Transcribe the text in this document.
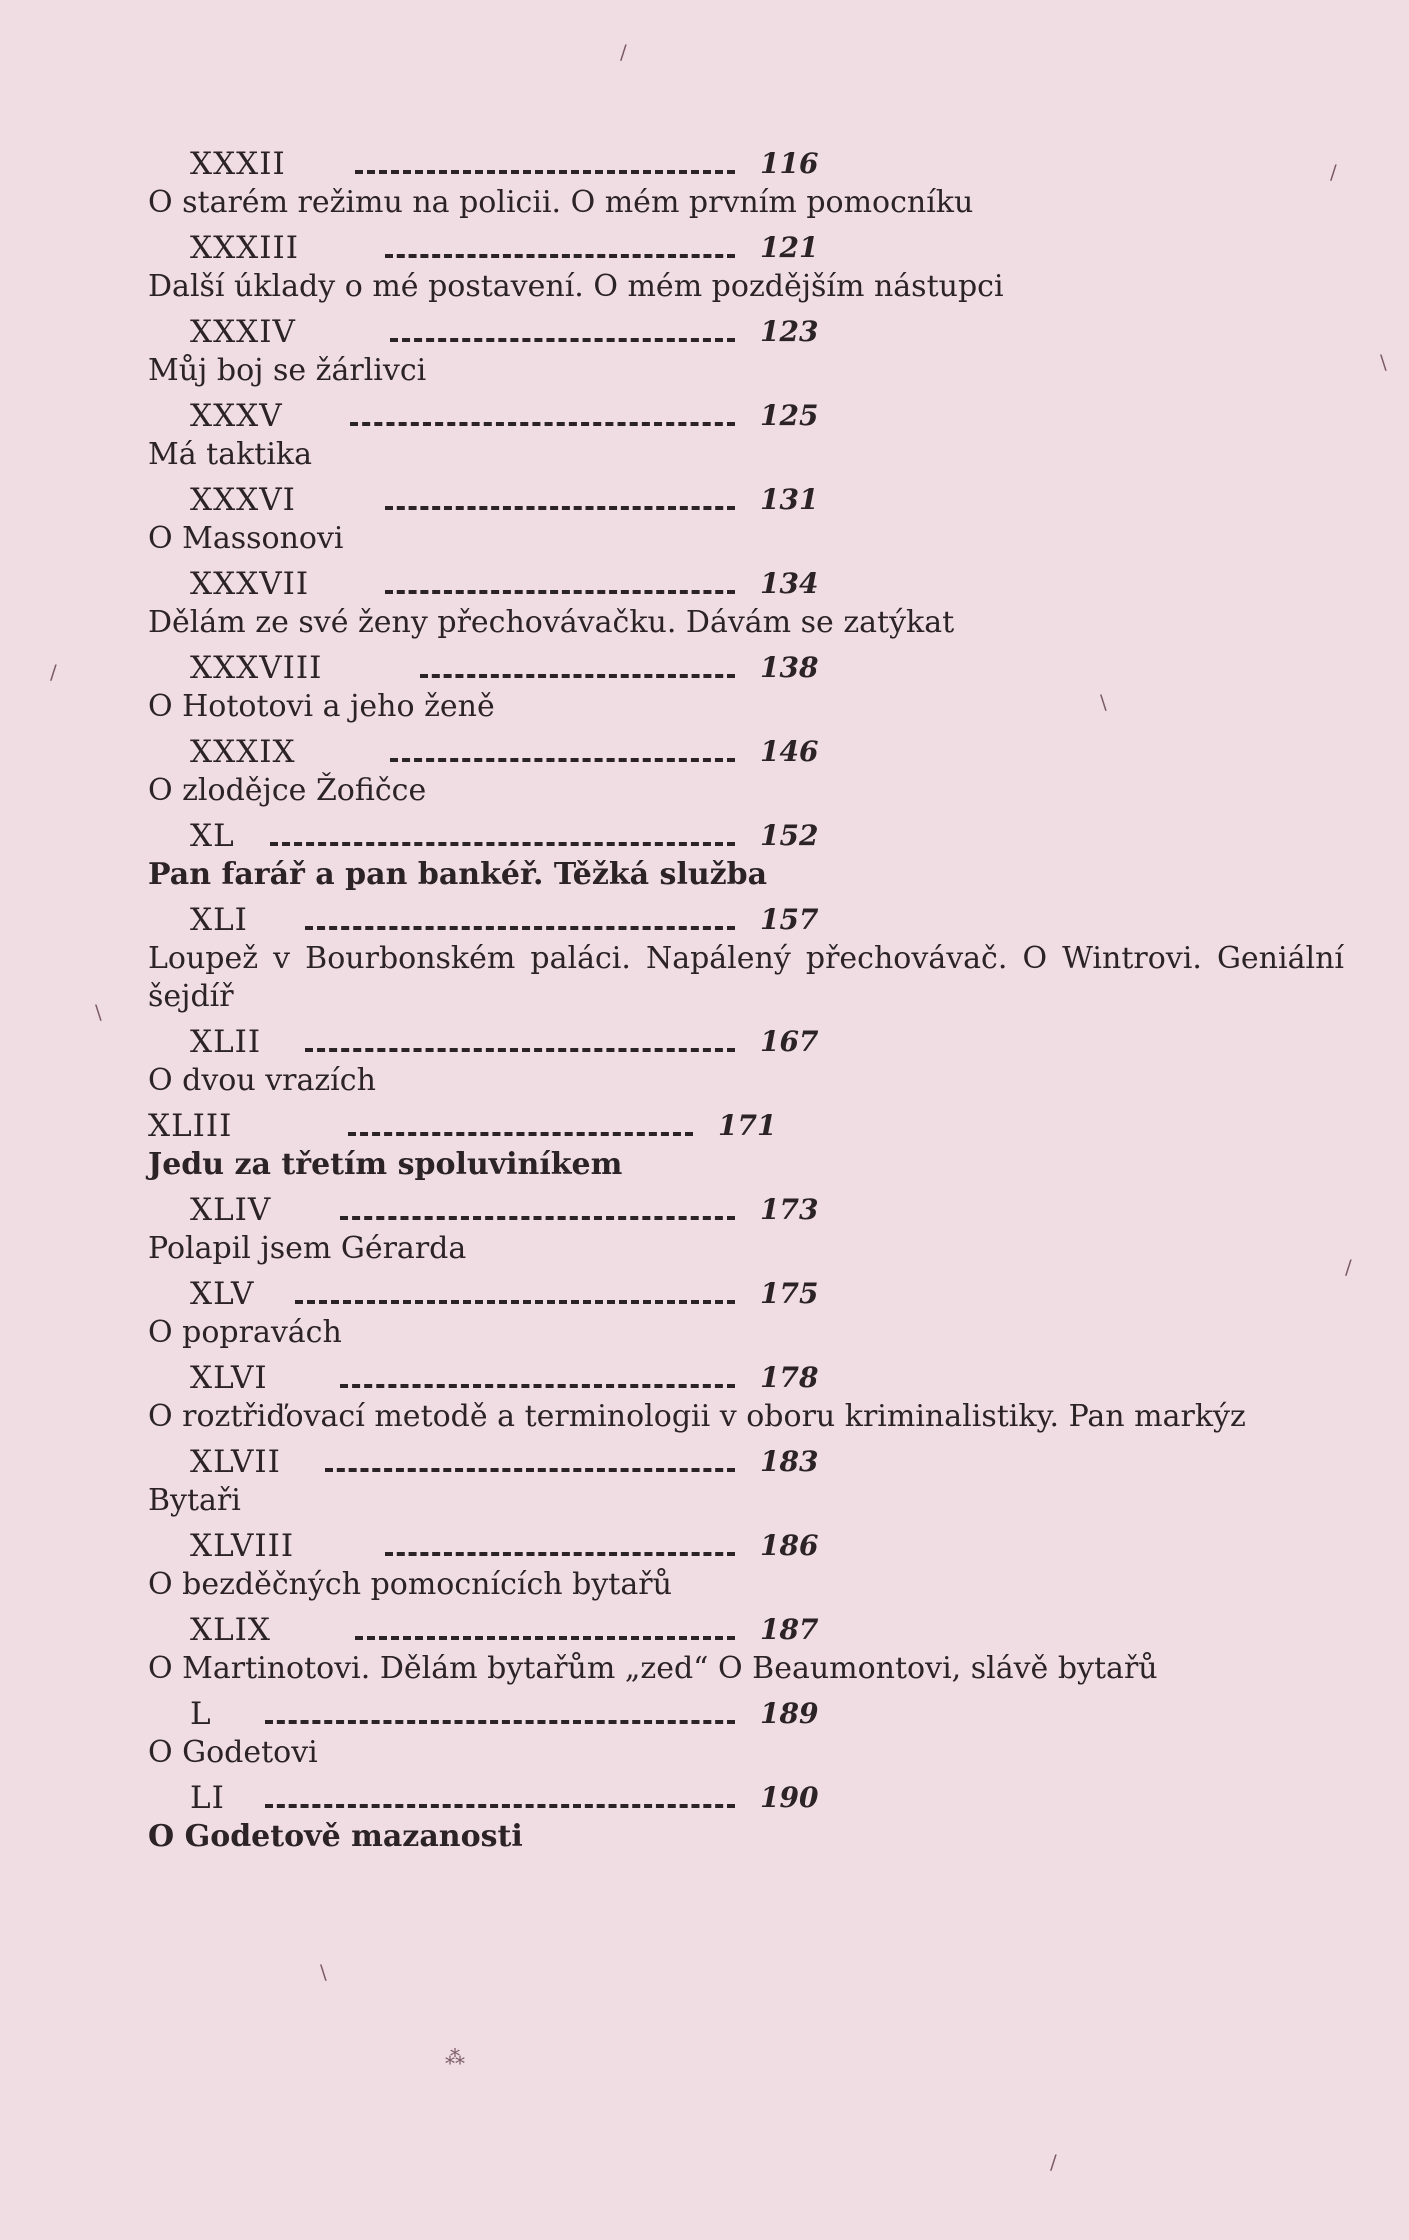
XXXII	116
O starém režimu na policii. O mém prvním pomocníku
XXXIII	121
Další úklady o mé postavení. O mém pozdějším nástupci
XXXIV	123
Můj boj se žárlivci
XXXV	125
Má taktika
XXXVI	131
O Massonovi
XXXVII	134
Dělám ze své ženy přechovávačku. Dávám se zatýkat
XXXVIII	138
O Hototovi a jeho ženě
XXXIX	146
O zlodějce Žofičce
XL	152
Pan farář a pan bankéř. Těžká služba
XLI	157
Loupež v Bourbonském paláci. Napálený přechovávač. O Wintrovi. Geniální šejdíř
XLII	167
O dvou vrazích
XLIII	171
Jedu za třetím spoluviníkem
XLIV	173
Polapil jsem Gérarda
XLV	175
O popravách
XLVI	178
O roztřiďovací metodě a terminologii v oboru kriminalistiky. Pan markýz
XLVII	183
Bytaři
XLVIII	186
O bezděčných pomocnících bytařů
XLIX	187
O Martinotovi. Dělám bytařům „zed“ O Beaumontovi, slávě bytařů
L	189
O Godetovi
LI	190
O Godetově mazanosti
/
/
\
/
\
\
/
⁂
\
/
